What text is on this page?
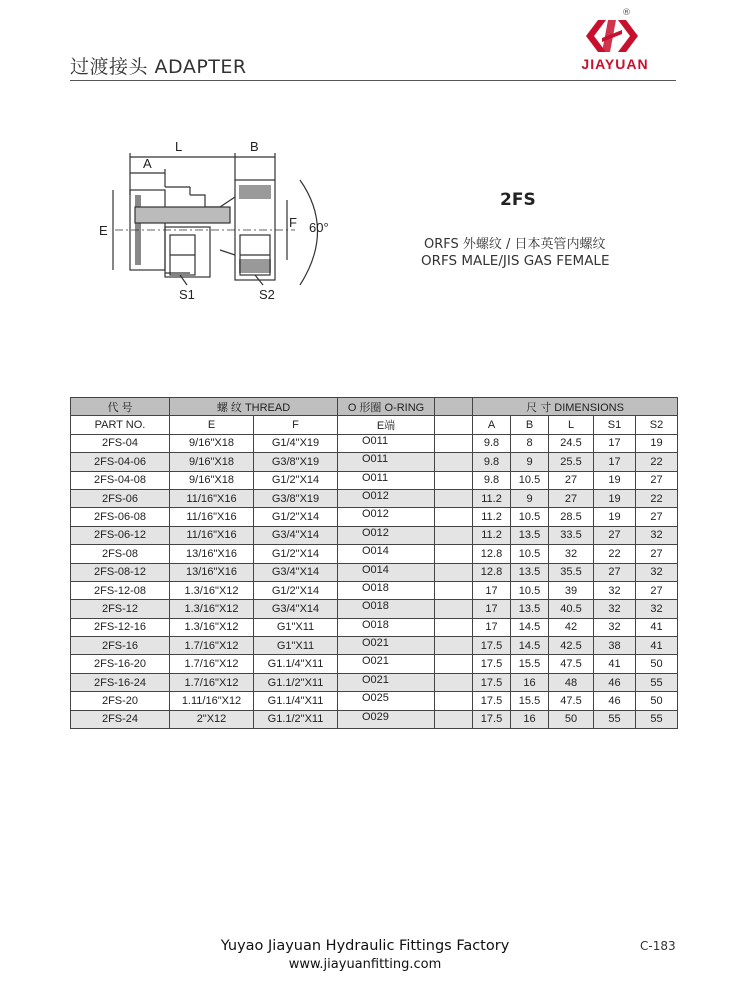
过渡接头 ADAPTER
®
JIAYUAN
L	B
A
E
F 60°
S1	S2
2FS
ORFS 外螺纹 / 日本英管内螺纹
ORFS MALE/JIS GAS FEMALE
代 号	螺 纹 THREAD		O 形圈 O-RING		尺 寸 DIMENSIONS				
PART NO.	E	F	E端		A	B	L	S1	S2
2FS-04	9/16"X18	G1/4"X19	O011		9.8	8	24.5	17	19
2FS-04-06	9/16"X18	G3/8"X19	O011		9.8	9	25.5	17	22
2FS-04-08	9/16"X18	G1/2"X14	O011		9.8	10.5	27	19	27
2FS-06	11/16"X16	G3/8"X19	O012		11.2	9	27	19	22
2FS-06-08	11/16"X16	G1/2"X14	O012		11.2	10.5	28.5	19	27
2FS-06-12	11/16"X16	G3/4"X14	O012		11.2	13.5	33.5	27	32
2FS-08	13/16"X16	G1/2"X14	O014		12.8	10.5	32	22	27
2FS-08-12	13/16"X16	G3/4"X14	O014		12.8	13.5	35.5	27	32
2FS-12-08	1.3/16"X12	G1/2"X14	O018		17	10.5	39	32	27
2FS-12	1.3/16"X12	G3/4"X14	O018		17	13.5	40.5	32	32
2FS-12-16	1.3/16"X12	G1"X11	O018		17	14.5	42	32	41
2FS-16	1.7/16"X12	G1"X11	O021		17.5	14.5	42.5	38	41
2FS-16-20	1.7/16"X12	G1.1/4"X11	O021		17.5	15.5	47.5	41	50
2FS-16-24	1.7/16"X12	G1.1/2"X11	O021		17.5	16	48	46	55
2FS-20	1.11/16"X12	G1.1/4"X11	O025		17.5	15.5	47.5	46	50
2FS-24	2"X12	G1.1/2"X11	O029		17.5	16	50	55	55
Yuyao Jiayuan Hydraulic Fittings Factory
www.jiayuanfitting.com
C-183
